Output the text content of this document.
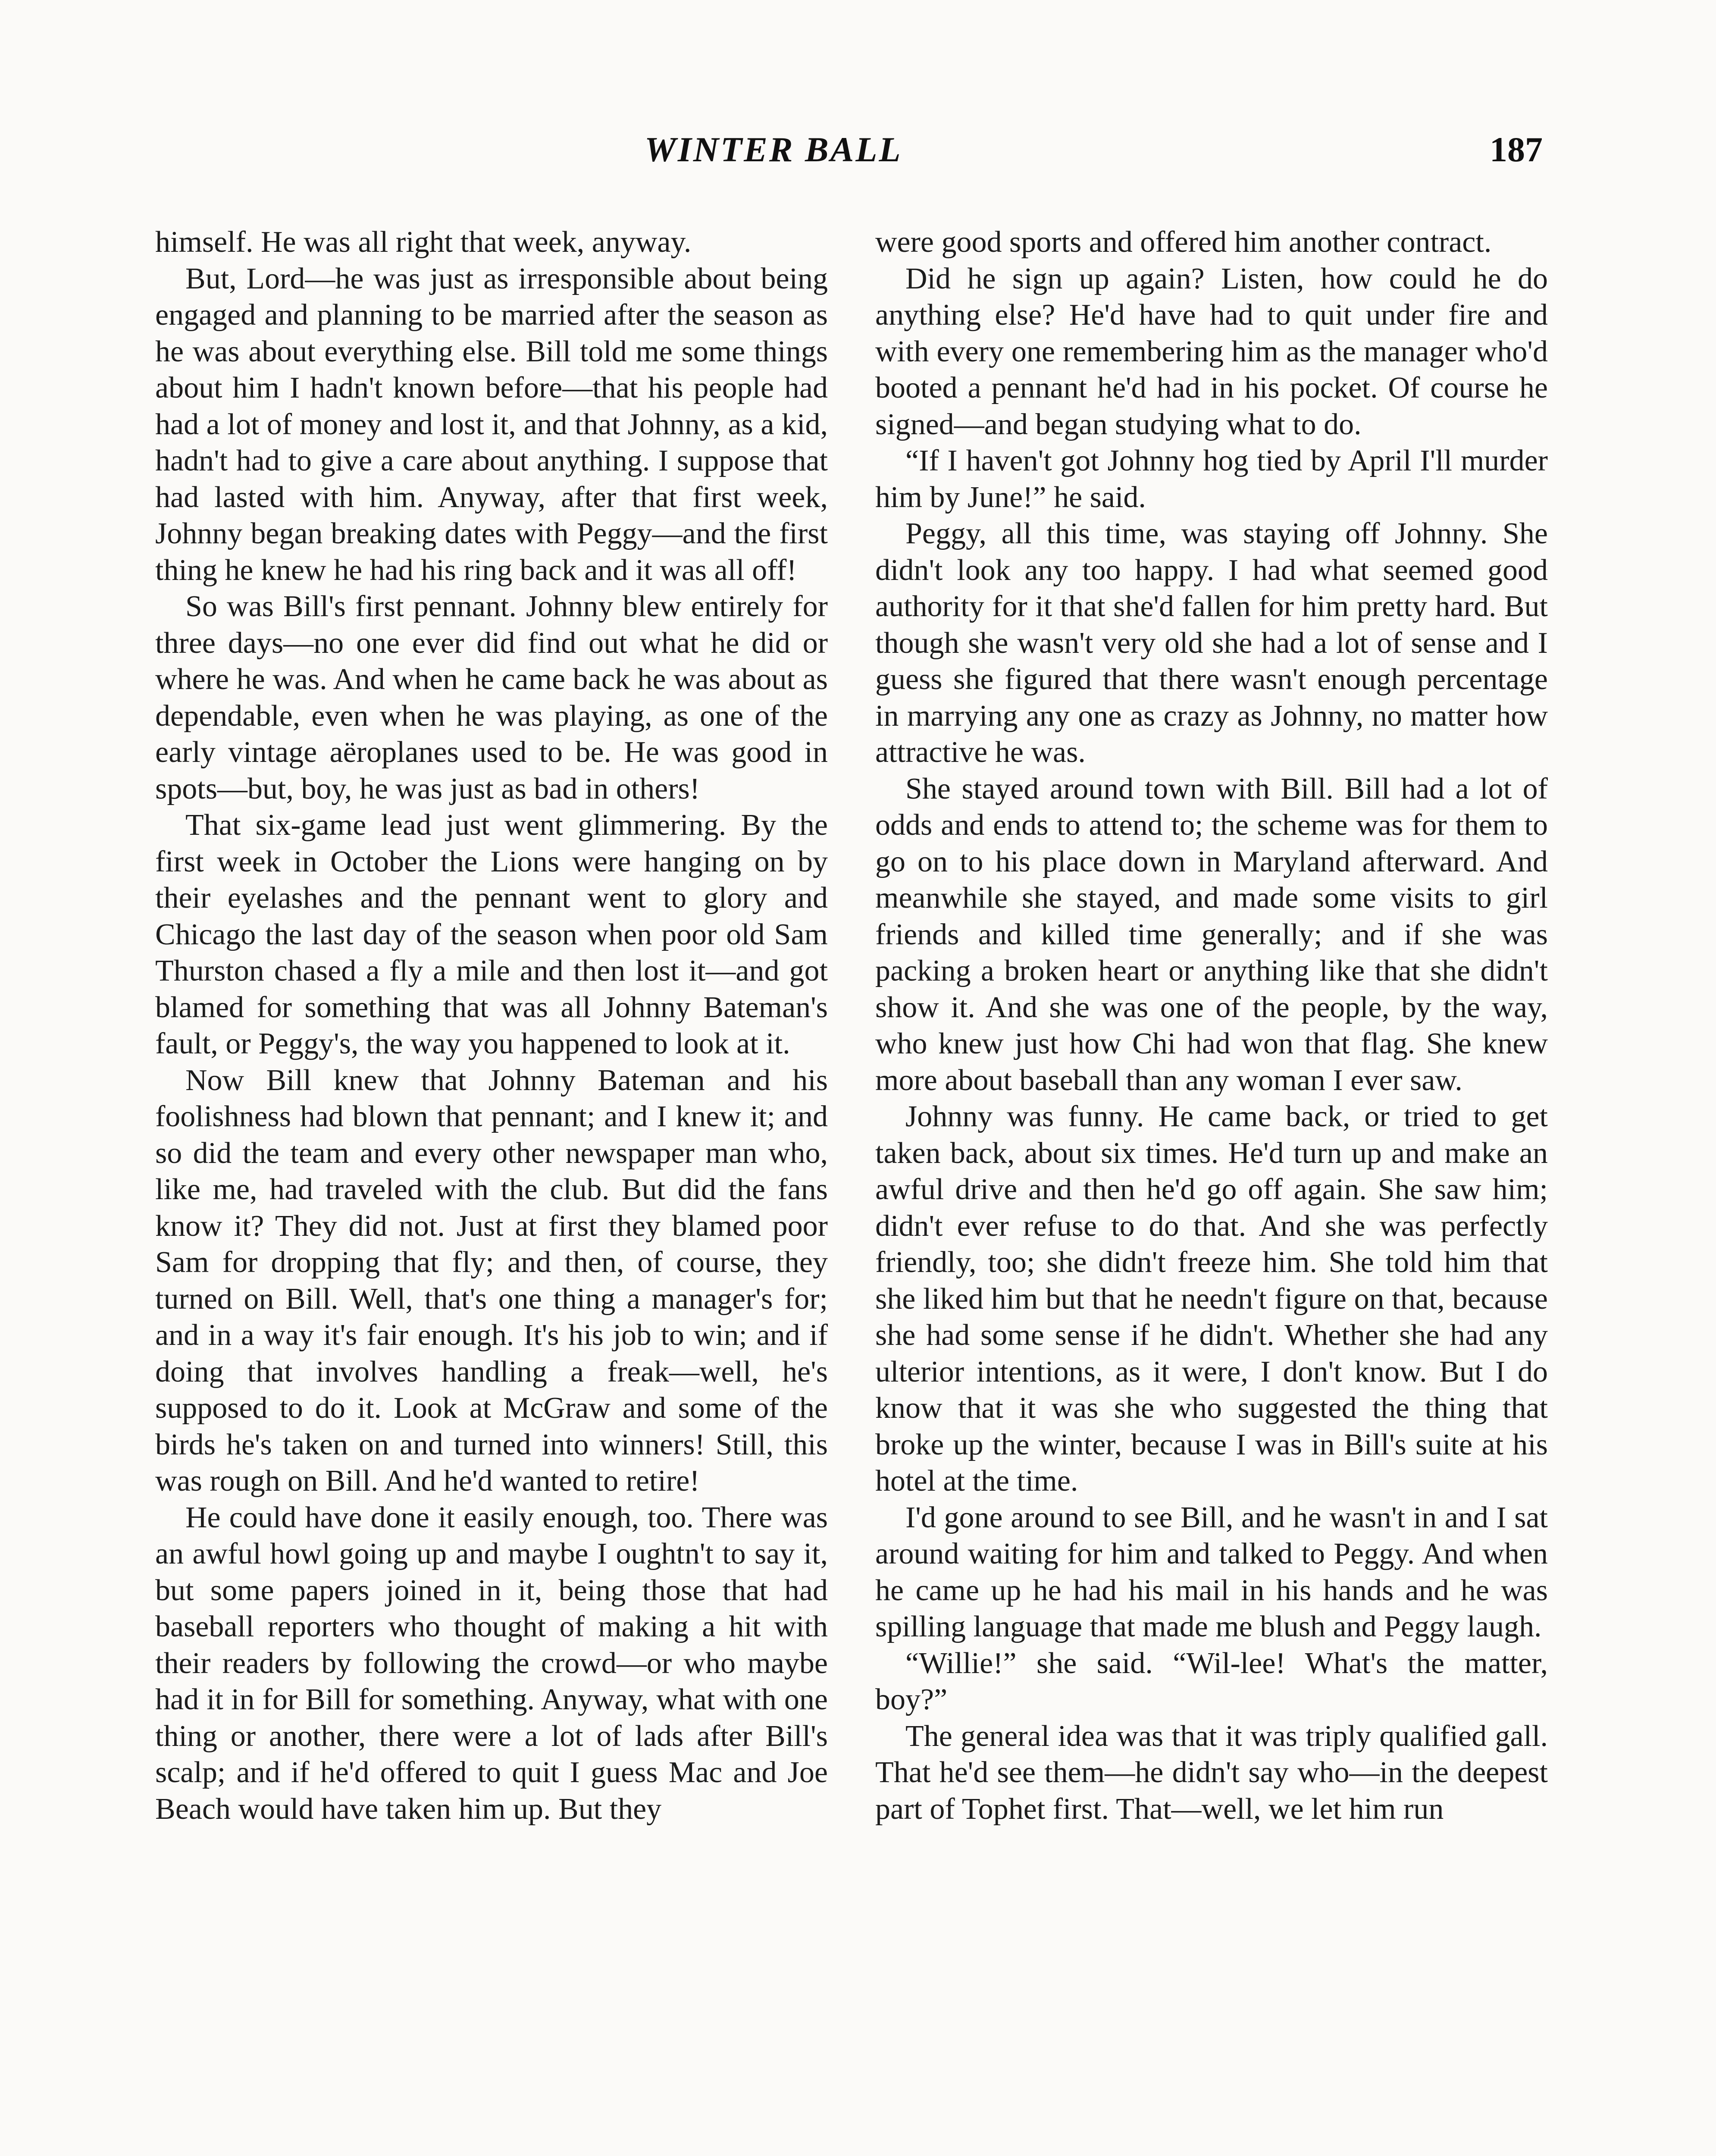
WINTER BALL	187

himself. He was all right that week, anyway.

But, Lord—he was just as irresponsible about being engaged and planning to be married after the season as he was about everything else. Bill told me some things about him I hadn't known before—that his people had had a lot of money and lost it, and that Johnny, as a kid, hadn't had to give a care about anything. I suppose that had lasted with him. Anyway, after that first week, Johnny began breaking dates with Peggy—and the first thing he knew he had his ring back and it was all off!

So was Bill's first pennant. Johnny blew entirely for three days—no one ever did find out what he did or where he was. And when he came back he was about as dependable, even when he was playing, as one of the early vintage aëroplanes used to be. He was good in spots—but, boy, he was just as bad in others!

That six-game lead just went glimmering. By the first week in October the Lions were hanging on by their eyelashes and the pennant went to glory and Chicago the last day of the season when poor old Sam Thurston chased a fly a mile and then lost it—and got blamed for something that was all Johnny Bateman's fault, or Peggy's, the way you happened to look at it.

Now Bill knew that Johnny Bateman and his foolishness had blown that pennant; and I knew it; and so did the team and every other newspaper man who, like me, had traveled with the club. But did the fans know it? They did not. Just at first they blamed poor Sam for dropping that fly; and then, of course, they turned on Bill. Well, that's one thing a manager's for; and in a way it's fair enough. It's his job to win; and if doing that involves handling a freak—well, he's supposed to do it. Look at McGraw and some of the birds he's taken on and turned into winners! Still, this was rough on Bill. And he'd wanted to retire!

He could have done it easily enough, too. There was an awful howl going up and maybe I oughtn't to say it, but some papers joined in it, being those that had baseball reporters who thought of making a hit with their readers by following the crowd—or who maybe had it in for Bill for something. Anyway, what with one thing or another, there were a lot of lads after Bill's scalp; and if he'd offered to quit I guess Mac and Joe Beach would have taken him up. But they

were good sports and offered him another contract.

Did he sign up again? Listen, how could he do anything else? He'd have had to quit under fire and with every one remembering him as the manager who'd booted a pennant he'd had in his pocket. Of course he signed—and began studying what to do.

“If I haven't got Johnny hog tied by April I'll murder him by June!” he said.

Peggy, all this time, was staying off Johnny. She didn't look any too happy. I had what seemed good authority for it that she'd fallen for him pretty hard. But though she wasn't very old she had a lot of sense and I guess she figured that there wasn't enough percentage in marrying any one as crazy as Johnny, no matter how attractive he was.

She stayed around town with Bill. Bill had a lot of odds and ends to attend to; the scheme was for them to go on to his place down in Maryland afterward. And meanwhile she stayed, and made some visits to girl friends and killed time generally; and if she was packing a broken heart or anything like that she didn't show it. And she was one of the people, by the way, who knew just how Chi had won that flag. She knew more about baseball than any woman I ever saw.

Johnny was funny. He came back, or tried to get taken back, about six times. He'd turn up and make an awful drive and then he'd go off again. She saw him; didn't ever refuse to do that. And she was perfectly friendly, too; she didn't freeze him. She told him that she liked him but that he needn't figure on that, because she had some sense if he didn't. Whether she had any ulterior intentions, as it were, I don't know. But I do know that it was she who suggested the thing that broke up the winter, because I was in Bill's suite at his hotel at the time.

I'd gone around to see Bill, and he wasn't in and I sat around waiting for him and talked to Peggy. And when he came up he had his mail in his hands and he was spilling language that made me blush and Peggy laugh.

“Willie!” she said. “Wil-lee! What's the matter, boy?”

The general idea was that it was triply qualified gall. That he'd see them—he didn't say who—in the deepest part of Tophet first. That—well, we let him run
